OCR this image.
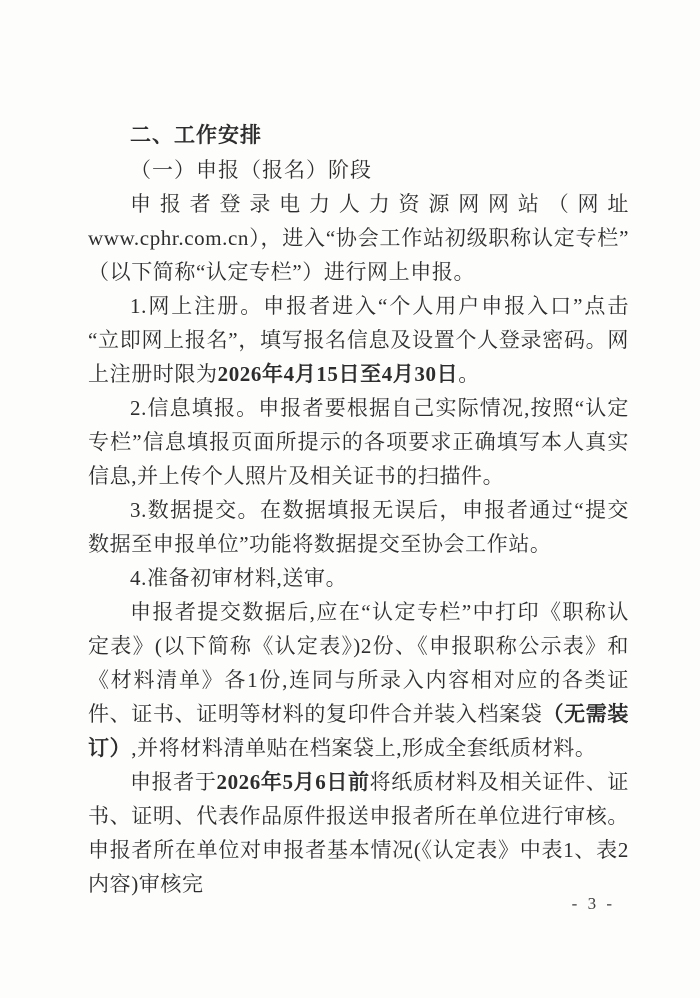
二、工作安排

（一）申报（报名）阶段

申报者登录电力人力资源网网站（网址www.cphr.com.cn），进入“协会工作站初级职称认定专栏”（以下简称“认定专栏”）进行网上申报。

1.网上注册。申报者进入“个人用户申报入口”点击“立即网上报名”，填写报名信息及设置个人登录密码。网上注册时限为2026年4月15日至4月30日。

2.信息填报。申报者要根据自己实际情况,按照“认定专栏”信息填报页面所提示的各项要求正确填写本人真实信息,并上传个人照片及相关证书的扫描件。

3.数据提交。在数据填报无误后，申报者通过“提交数据至申报单位”功能将数据提交至协会工作站。

4.准备初审材料,送审。

申报者提交数据后,应在“认定专栏”中打印《职称认定表》(以下简称《认定表》)2份、《申报职称公示表》和《材料清单》各1份,连同与所录入内容相对应的各类证件、证书、证明等材料的复印件合并装入档案袋（无需装订）,并将材料清单贴在档案袋上,形成全套纸质材料。

申报者于2026年5月6日前将纸质材料及相关证件、证书、证明、代表作品原件报送申报者所在单位进行审核。申报者所在单位对申报者基本情况(《认定表》中表1、表2内容)审核完

- 3 -
